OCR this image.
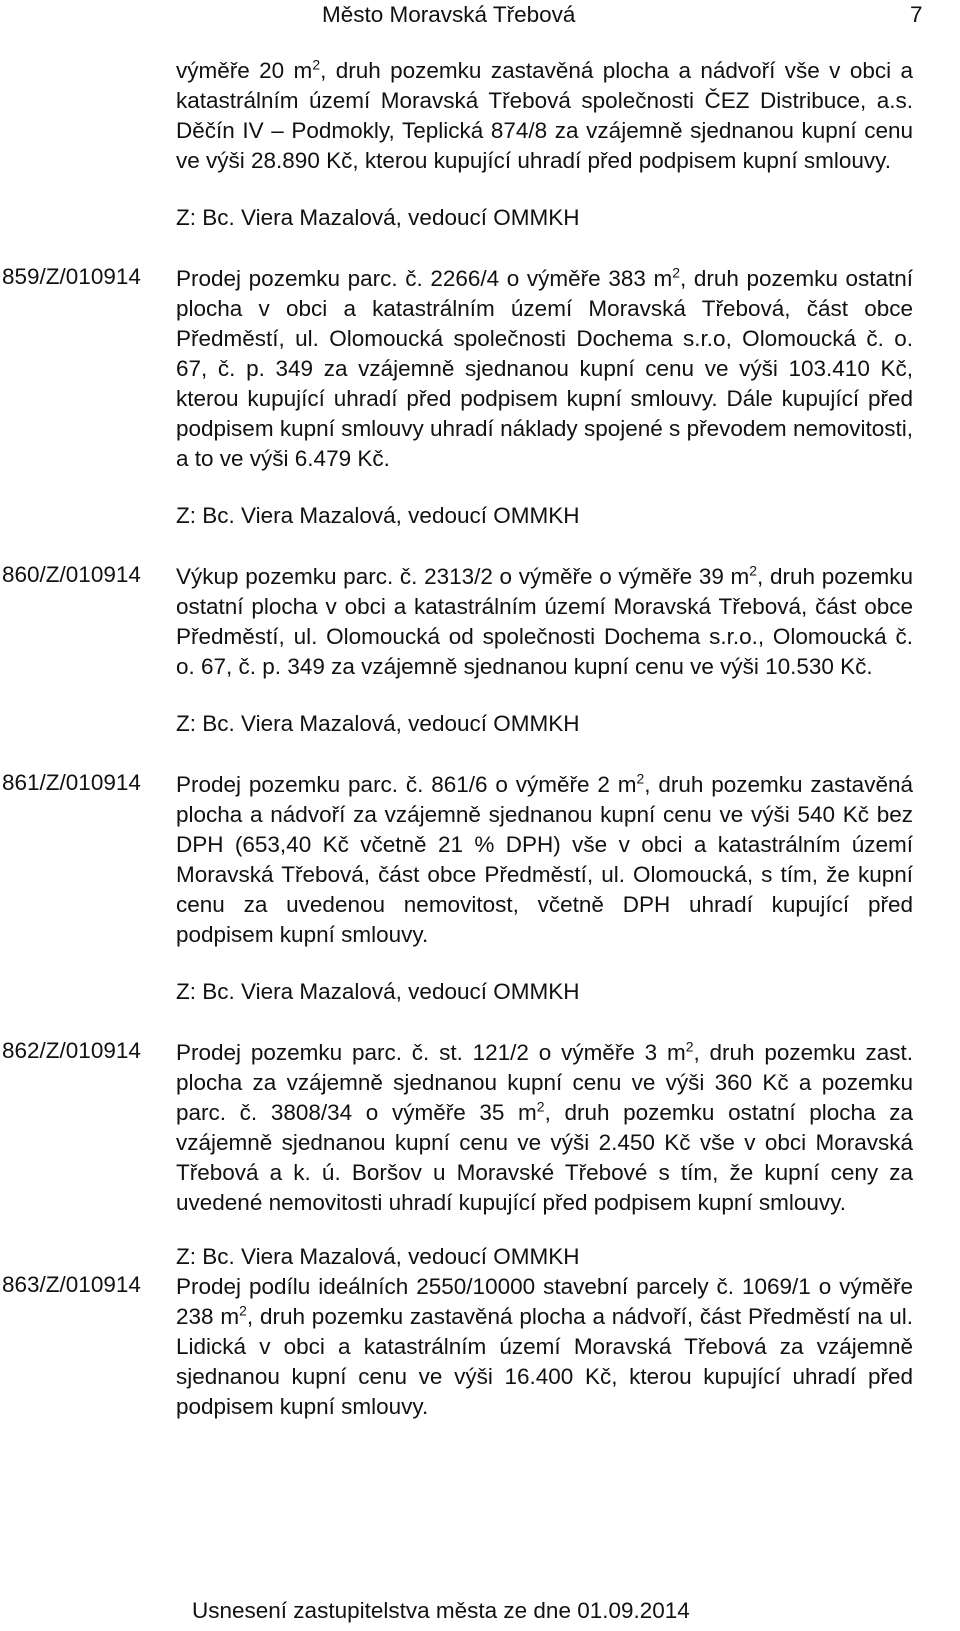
Město Moravská Třebová	7
výměře 20 $m^2$, druh pozemku zastavěná plocha a nádvoří vše v obci a katastrálním území Moravská Třebová společnosti ČEZ Distribuce, a.s. Děčín IV – Podmokly, Teplická 874/8 za vzájemně sjednanou kupní cenu ve výši 28.890 Kč, kterou kupující uhradí před podpisem kupní smlouvy.
Z: Bc. Viera Mazalová, vedoucí OMMKH
859/Z/010914 Prodej pozemku parc. č. 2266/4 o výměře 383 $m^2$, druh pozemku ostatní plocha v obci a katastrálním území Moravská Třebová, část obce Předměstí, ul. Olomoucká společnosti Dochema s.r.o, Olomoucká č. o. 67, č. p. 349 za vzájemně sjednanou kupní cenu ve výši 103.410 Kč, kterou kupující uhradí před podpisem kupní smlouvy. Dále kupující před podpisem kupní smlouvy uhradí náklady spojené s převodem nemovitosti, a to ve výši 6.479 Kč.
Z: Bc. Viera Mazalová, vedoucí OMMKH
860/Z/010914 Výkup pozemku parc. č. 2313/2 o výměře o výměře 39 $m^2$, druh pozemku ostatní plocha v obci a katastrálním území Moravská Třebová, část obce Předměstí, ul. Olomoucká od společnosti Dochema s.r.o., Olomoucká č. o. 67, č. p. 349 za vzájemně sjednanou kupní cenu ve výši 10.530 Kč.
Z: Bc. Viera Mazalová, vedoucí OMMKH
861/Z/010914 Prodej pozemku parc. č. 861/6 o výměře 2 $m^2$, druh pozemku zastavěná plocha a nádvoří za vzájemně sjednanou kupní cenu ve výši 540 Kč bez DPH (653,40 Kč včetně 21 % DPH) vše v obci a katastrálním území Moravská Třebová, část obce Předměstí, ul. Olomoucká, s tím, že kupní cenu za uvedenou nemovitost, včetně DPH uhradí kupující před podpisem kupní smlouvy.
Z: Bc. Viera Mazalová, vedoucí OMMKH
862/Z/010914 Prodej pozemku parc. č. st. 121/2 o výměře 3 $m^2$, druh pozemku zast. plocha za vzájemně sjednanou kupní cenu ve výši 360 Kč a pozemku parc. č. 3808/34 o výměře 35 $m^2$, druh pozemku ostatní plocha za vzájemně sjednanou kupní cenu ve výši 2.450 Kč vše v obci Moravská Třebová a k. ú. Boršov u Moravské Třebové s tím, že kupní ceny za uvedené nemovitosti uhradí kupující před podpisem kupní smlouvy.
Z: Bc. Viera Mazalová, vedoucí OMMKH
863/Z/010914 Prodej podílu ideálních 2550/10000 stavební parcely č. 1069/1 o výměře 238 $m^2$, druh pozemku zastavěná plocha a nádvoří, část Předměstí na ul. Lidická v obci a katastrálním území Moravská Třebová za vzájemně sjednanou kupní cenu ve výši 16.400 Kč, kterou kupující uhradí před podpisem kupní smlouvy.
Usnesení zastupitelstva města ze dne 01.09.2014
